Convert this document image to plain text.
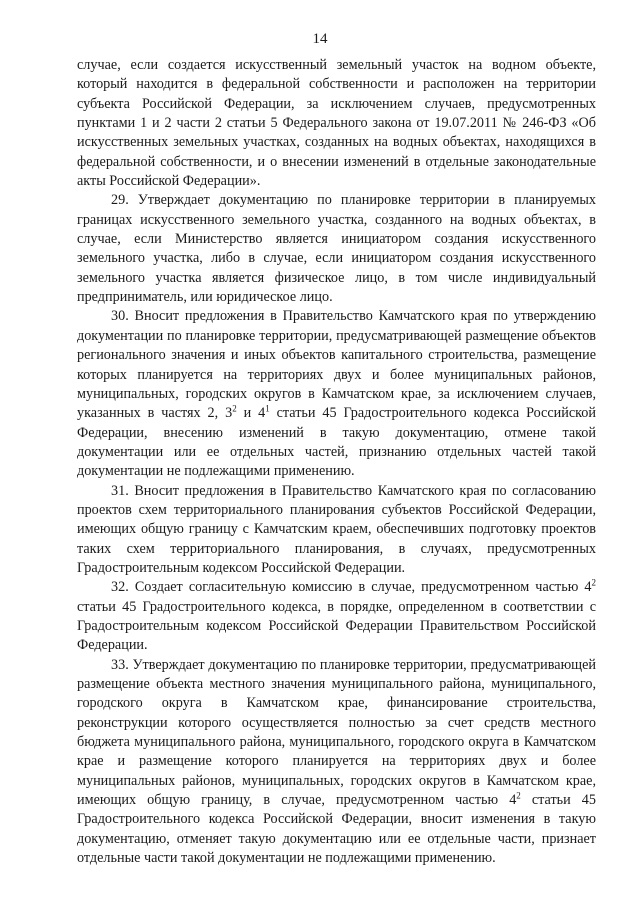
14

случае, если создается искусственный земельный участок на водном объекте, который находится в федеральной собственности и расположен на территории субъекта Российской Федерации, за исключением случаев, предусмотренных пунктами 1 и 2 части 2 статьи 5 Федерального закона от 19.07.2011 № 246-ФЗ «Об искусственных земельных участках, созданных на водных объектах, находящихся в федеральной собственности, и о внесении изменений в отдельные законодательные акты Российской Федерации».

29. Утверждает документацию по планировке территории в планируемых границах искусственного земельного участка, созданного на водных объектах, в случае, если Министерство является инициатором создания искусственного земельного участка, либо в случае, если инициатором создания искусственного земельного участка является физическое лицо, в том числе индивидуальный предприниматель, или юридическое лицо.

30. Вносит предложения в Правительство Камчатского края по утверждению документации по планировке территории, предусматривающей размещение объектов регионального значения и иных объектов капитального строительства, размещение которых планируется на территориях двух и более муниципальных районов, муниципальных, городских округов в Камчатском крае, за исключением случаев, указанных в частях 2, $3^2$ и $4^1$ статьи 45 Градостроительного кодекса Российской Федерации, внесению изменений в такую документацию, отмене такой документации или ее отдельных частей, признанию отдельных частей такой документации не подлежащими применению.

31. Вносит предложения в Правительство Камчатского края по согласованию проектов схем территориального планирования субъектов Российской Федерации, имеющих общую границу с Камчатским краем, обеспечивших подготовку проектов таких схем территориального планирования, в случаях, предусмотренных Градостроительным кодексом Российской Федерации.

32. Создает согласительную комиссию в случае, предусмотренном частью $4^2$ статьи 45 Градостроительного кодекса, в порядке, определенном в соответствии с Градостроительным кодексом Российской Федерации Правительством Российской Федерации.

33. Утверждает документацию по планировке территории, предусматривающей размещение объекта местного значения муниципального района, муниципального, городского округа в Камчатском крае, финансирование строительства, реконструкции которого осуществляется полностью за счет средств местного бюджета муниципального района, муниципального, городского округа в Камчатском крае и размещение которого планируется на территориях двух и более муниципальных районов, муниципальных, городских округов в Камчатском крае, имеющих общую границу, в случае, предусмотренном частью $4^2$ статьи 45 Градостроительного кодекса Российской Федерации, вносит изменения в такую документацию, отменяет такую документацию или ее отдельные части, признает отдельные части такой документации не подлежащими применению.
